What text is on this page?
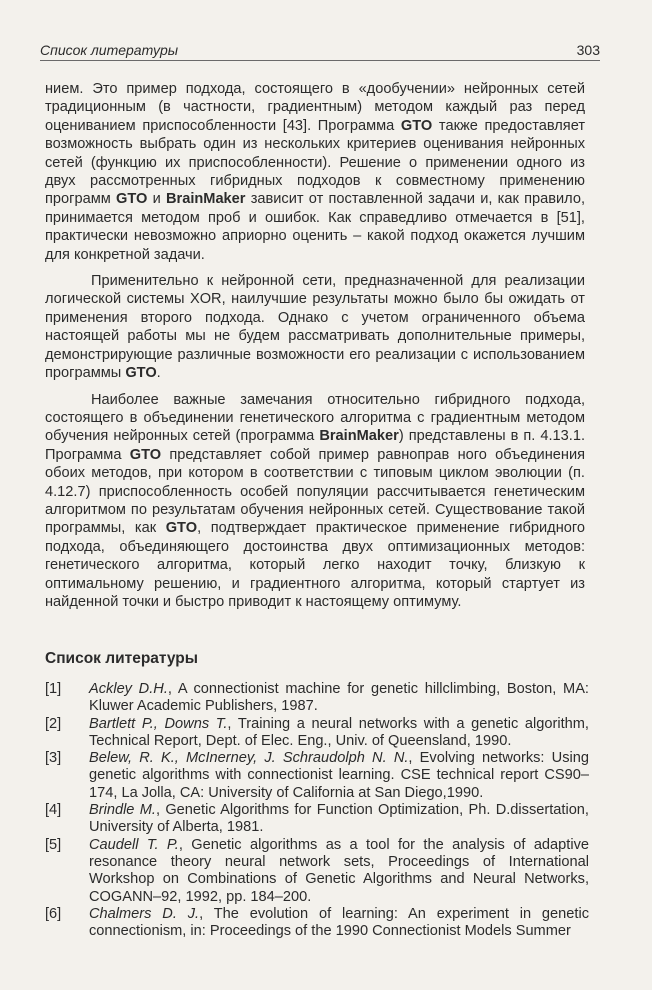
Список литературы	303

нием. Это пример подхода, состоящего в «дообучении» нейронных сетей традиционным (в частности, градиентным) методом каждый раз перед оцениванием приспособленности [43]. Программа GTO также предоставляет возможность выбрать один из нескольких критериев оценивания нейронных сетей (функцию их приспособленности). Решение о применении одного из двух рассмотренных гибридных подходов к совместному применению программ GTO и BrainMaker зависит от поставленной задачи и, как правило, принимается методом проб и ошибок. Как справедливо отмечается в [51], практически невозможно априорно оценить – какой подход окажется лучшим для конкретной задачи.

Применительно к нейронной сети, предназначенной для реализации логической системы XOR, наилучшие результаты можно было бы ожидать от применения второго подхода. Однако с учетом ограниченного объема настоящей работы мы не будем рассматривать дополнительные примеры, демонстрирующие различные возможности его реализации с использованием программы GTO.

Наиболее важные замечания относительно гибридного подхода, состоящего в объединении генетического алгоритма с градиентным методом обучения нейронных сетей (программа BrainMaker) представлены в п. 4.13.1. Программа GTO представляет собой пример равноправ ного объединения обоих методов, при котором в соответствии с типовым циклом эволюции (п. 4.12.7) приспособленность особей популяции рассчитывается генетическим алгоритмом по результатам обучения нейронных сетей. Существование такой программы, как GTO, подтверждает практическое применение гибридного подхода, объединяющего достоинства двух оптимизационных методов: генетического алгоритма, который легко находит точку, близкую к оптимальному решению, и градиентного алгоритма, который стартует из найденной точки и быстро приводит к настоящему оптимуму.

Список литературы
[1]	Ackley D.H., A connectionist machine for genetic hillclimbing, Boston, MA: Kluwer Academic Publishers, 1987.
[2]	Bartlett P., Downs T., Training a neural networks with a genetic algorithm, Technical Report, Dept. of Elec. Eng., Univ. of Queensland, 1990.
[3]	Belew, R. K., McInerney, J. Schraudolph N. N., Evolving networks: Using genetic algorithms with connectionist learning. CSE technical report CS90–174, La Jolla, CA: University of California at San Diego,1990.
[4]	Brindle M., Genetic Algorithms for Function Optimization, Ph. D.dissertation, University of Alberta, 1981.
[5]	Caudell T. P., Genetic algorithms as a tool for the analysis of adaptive resonance theory neural network sets, Proceedings of International Workshop on Combinations of Genetic Algorithms and Neural Networks, COGANN–92, 1992, pp. 184–200.
[6]	Chalmers D. J., The evolution of learning: An experiment in genetic connectionism, in: Proceedings of the 1990 Connectionist Models Summer
